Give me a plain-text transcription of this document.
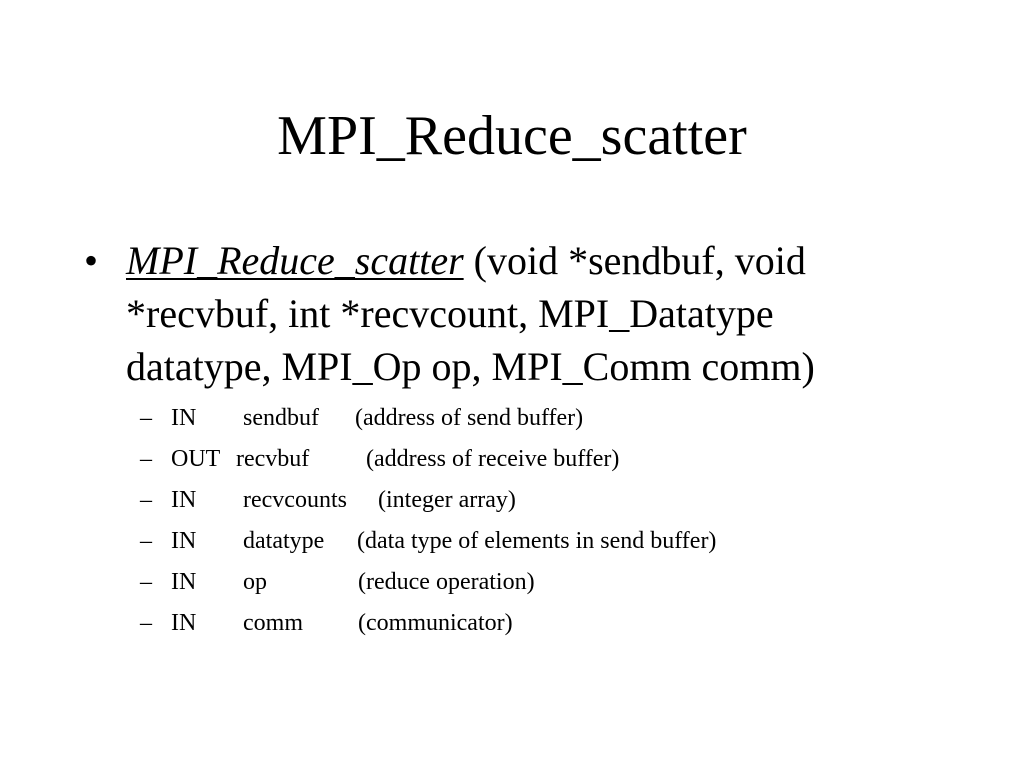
MPI_Reduce_scatter
• MPI_Reduce_scatter (void *sendbuf, void
*recvbuf, int *recvcount, MPI_Datatype
datatype, MPI_Op op, MPI_Comm comm)
– IN sendbuf (address of send buffer)
– OUT recvbuf (address of receive buffer)
– IN recvcounts (integer array)
– IN datatype (data type of elements in send buffer)
– IN op	(reduce operation)
– IN comm (communicator)
